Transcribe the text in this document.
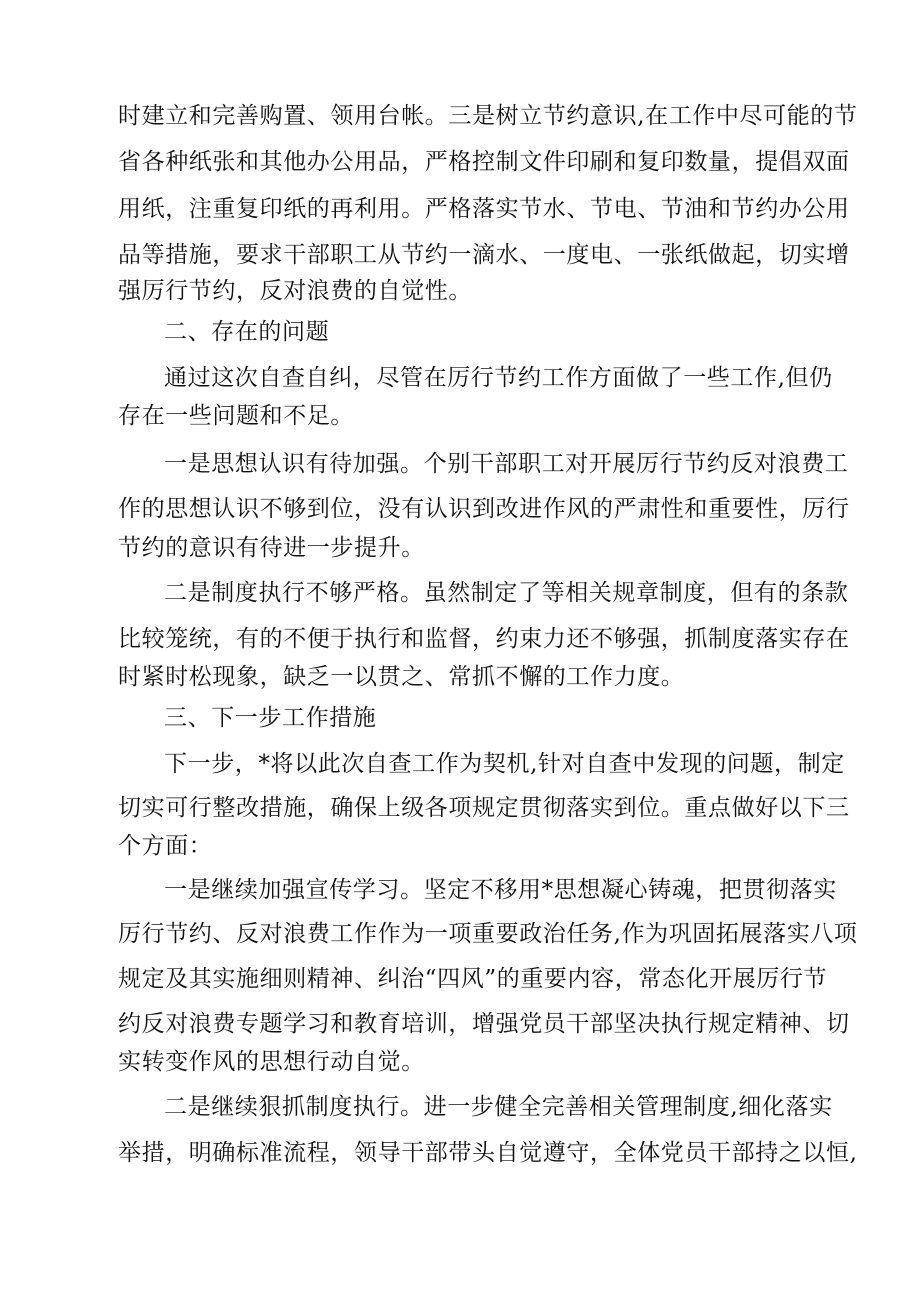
时建立和完善购置、领用台帐。三是树立节约意识,在工作中尽可能的节
省各种纸张和其他办公用品，严格控制文件印刷和复印数量，提倡双面
用纸，注重复印纸的再利用。严格落实节水、节电、节油和节约办公用
品等措施，要求干部职工从节约一滴水、一度电、一张纸做起，切实增
强厉行节约，反对浪费的自觉性。
二、存在的问题
通过这次自查自纠，尽管在厉行节约工作方面做了一些工作,但仍
存在一些问题和不足。
一是思想认识有待加强。个别干部职工对开展厉行节约反对浪费工
作的思想认识不够到位，没有认识到改进作风的严肃性和重要性，厉行
节约的意识有待进一步提升。
二是制度执行不够严格。虽然制定了等相关规章制度，但有的条款
比较笼统，有的不便于执行和监督，约束力还不够强，抓制度落实存在
时紧时松现象，缺乏一以贯之、常抓不懈的工作力度。
三、下一步工作措施
下一步，*将以此次自查工作为契机,针对自查中发现的问题，制定
切实可行整改措施，确保上级各项规定贯彻落实到位。重点做好以下三
个方面：
一是继续加强宣传学习。坚定不移用*思想凝心铸魂，把贯彻落实
厉行节约、反对浪费工作作为一项重要政治任务,作为巩固拓展落实八项
规定及其实施细则精神、纠治“四风”的重要内容，常态化开展厉行节
约反对浪费专题学习和教育培训，增强党员干部坚决执行规定精神、切
实转变作风的思想行动自觉。
二是继续狠抓制度执行。进一步健全完善相关管理制度,细化落实
举措，明确标准流程，领导干部带头自觉遵守，全体党员干部持之以恒,
